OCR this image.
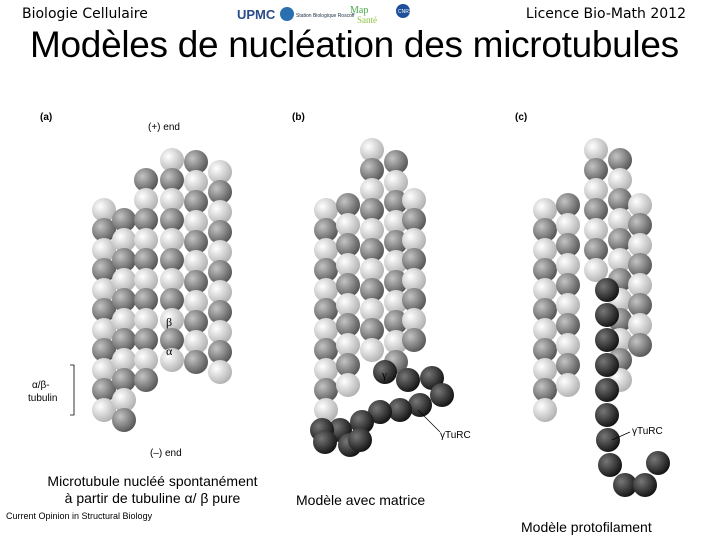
Biologie Cellulaire	Licence Bio-Math 2012
UPMC	Station Biologique Roscoff
Map
Santé
CNRS
Modèles de nucléation des microtubules
(a)	(b)	(c)
(+) end
(–) end
β
α
α/β-
tubulin
γ
γTuRC	γTuRC
Microtubule nucléé spontanément
à partir de tubuline α/ β pure	Modèle avec matrice
Modèle protofilament
Current Opinion in Structural Biology
